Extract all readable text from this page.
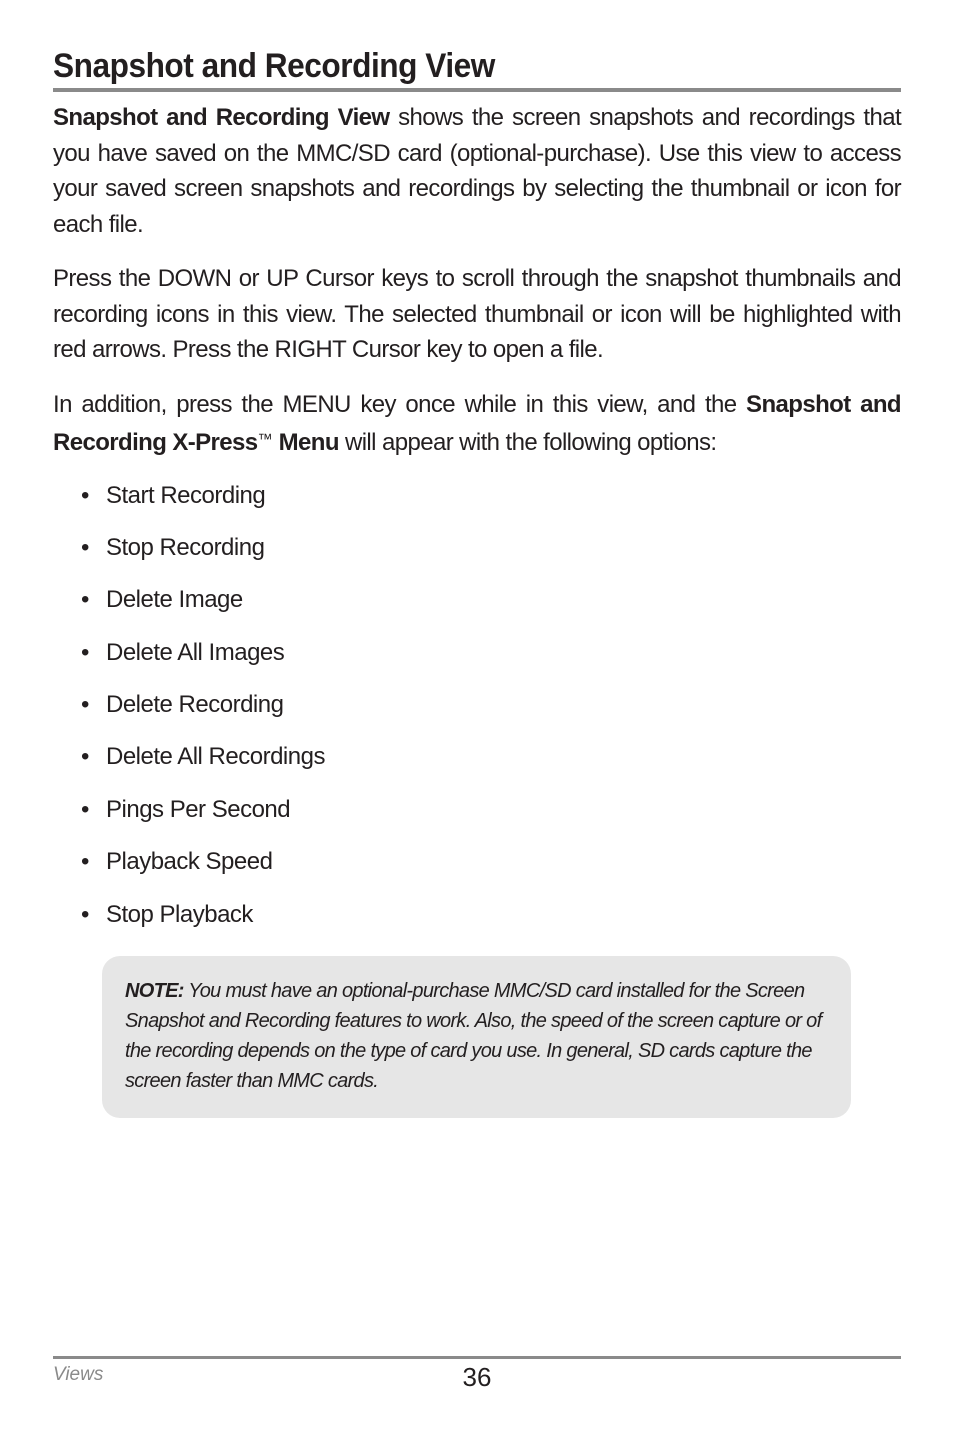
Snapshot and Recording View

Snapshot and Recording View shows the screen snapshots and recordings that you have saved on the MMC/SD card (optional-purchase). Use this view to access your saved screen snapshots and recordings by selecting the thumbnail or icon for each file.

Press the DOWN or UP Cursor keys to scroll through the snapshot thumbnails and recording icons in this view. The selected thumbnail or icon will be highlighted with red arrows. Press the RIGHT Cursor key to open a file.

In addition, press the MENU key once while in this view, and the Snapshot and Recording X-Press™ Menu will appear with the following options:

• Start Recording
• Stop Recording
• Delete Image
• Delete All Images
• Delete Recording
• Delete All Recordings
• Pings Per Second
• Playback Speed
• Stop Playback
NOTE: You must have an optional-purchase MMC/SD card installed for the Screen Snapshot and Recording features to work. Also, the speed of the screen capture or of the recording depends on the type of card you use. In general, SD cards capture the screen faster than MMC cards.
Views	36
